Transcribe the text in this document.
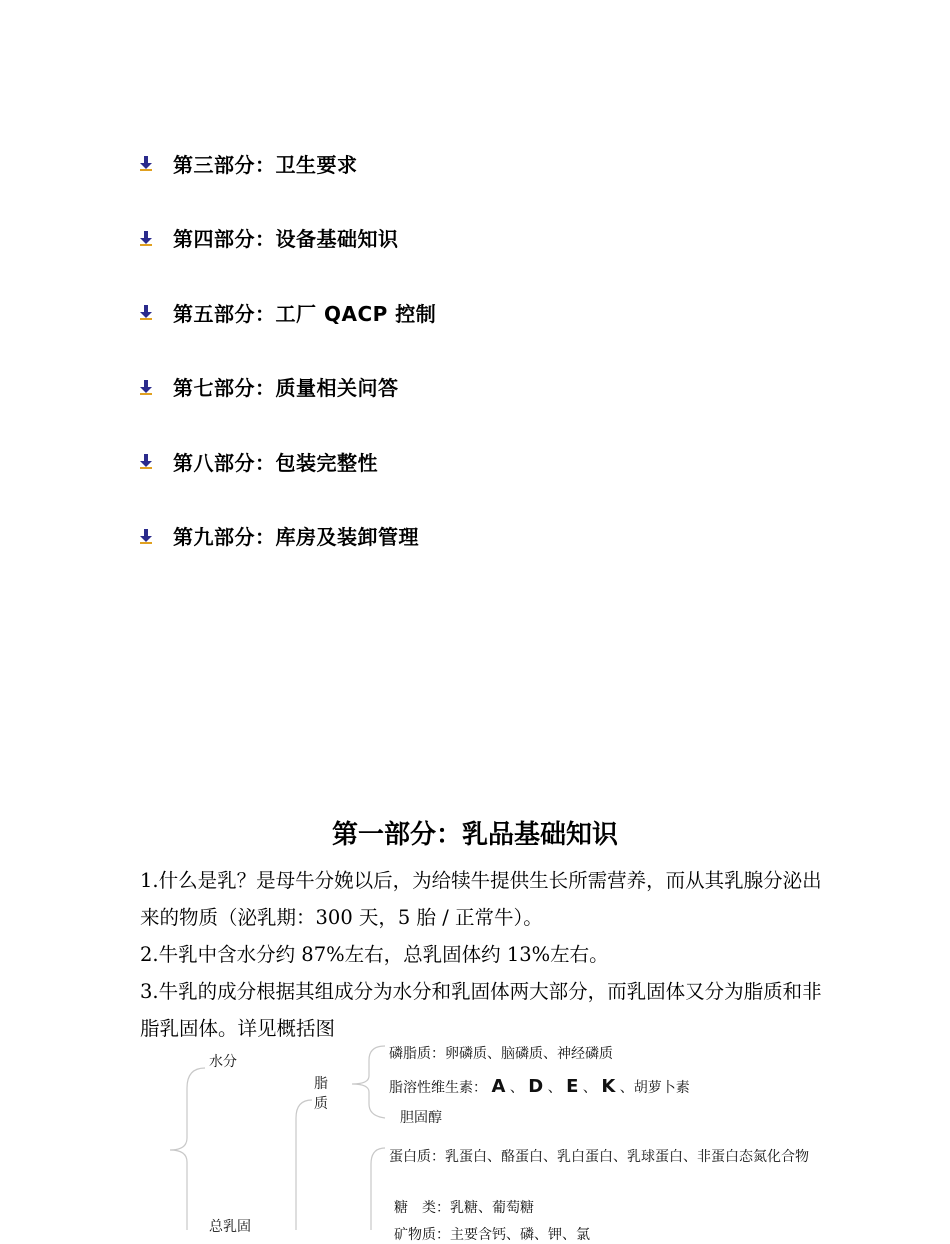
第三部分：卫生要求
第四部分：设备基础知识
第五部分：工厂 QACP 控制
第七部分：质量相关问答
第八部分：包装完整性
第九部分：库房及装卸管理
第一部分：乳品基础知识

1.什么是乳？是母牛分娩以后，为给犊牛提供生长所需营养，而从其乳腺分泌出来的物质（泌乳期：300 天，5 胎 / 正常牛）。

2.牛乳中含水分约 87%左右，总乳固体约 13%左右。

3.牛乳的成分根据其组成分为水分和乳固体两大部分，而乳固体又分为脂质和非脂乳固体。详见概括图

水分
总乳固
脂质
磷脂质：卵磷质、脑磷质、神经磷质
脂溶性维生素： A 、 D 、 E 、 K 、胡萝卜素
胆固醇
蛋白质：乳蛋白、酪蛋白、乳白蛋白、乳球蛋白、非蛋白态氮化合物
糖　类：乳糖、葡萄糖
矿物质：主要含钙、磷、钾、氯
